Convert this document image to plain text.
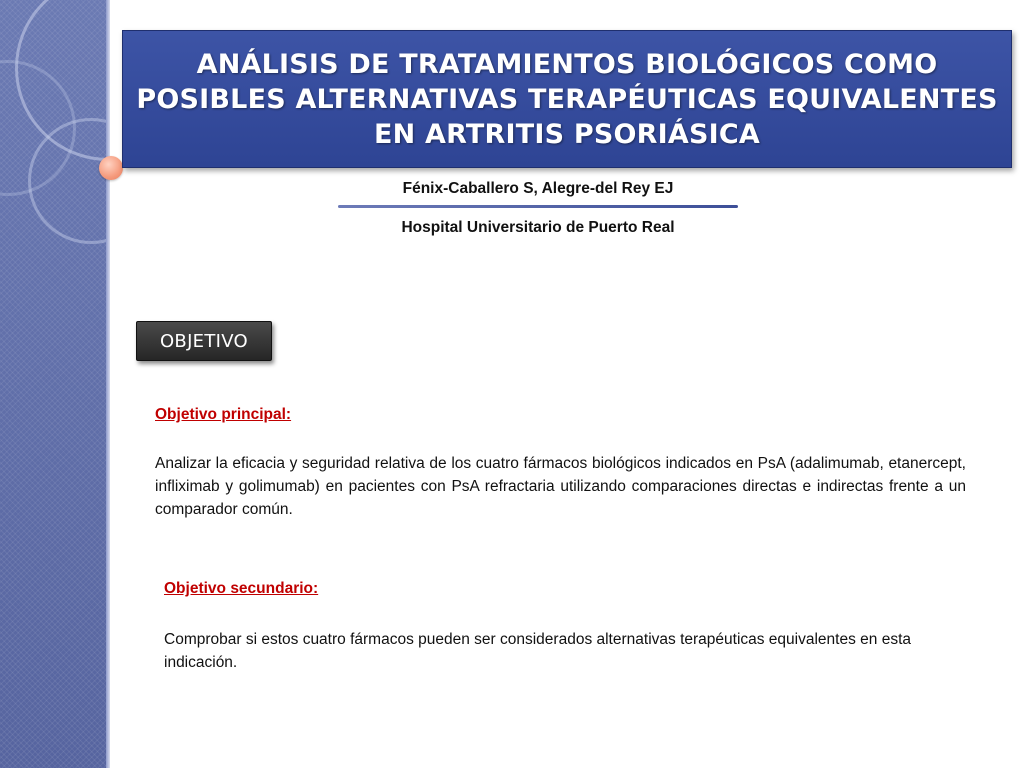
ANÁLISIS DE TRATAMIENTOS BIOLÓGICOS COMO POSIBLES ALTERNATIVAS TERAPÉUTICAS EQUIVALENTES EN ARTRITIS PSORIÁSICA
Fénix-Caballero S, Alegre-del Rey EJ
Hospital Universitario de Puerto Real
OBJETIVO
Objetivo principal:

Analizar la eficacia y seguridad relativa de los cuatro fármacos biológicos indicados en PsA (adalimumab, etanercept, infliximab y golimumab) en pacientes con PsA refractaria utilizando comparaciones directas e indirectas frente a un comparador común.

Objetivo secundario:

Comprobar si estos cuatro fármacos pueden ser considerados alternativas terapéuticas equivalentes en esta indicación.
